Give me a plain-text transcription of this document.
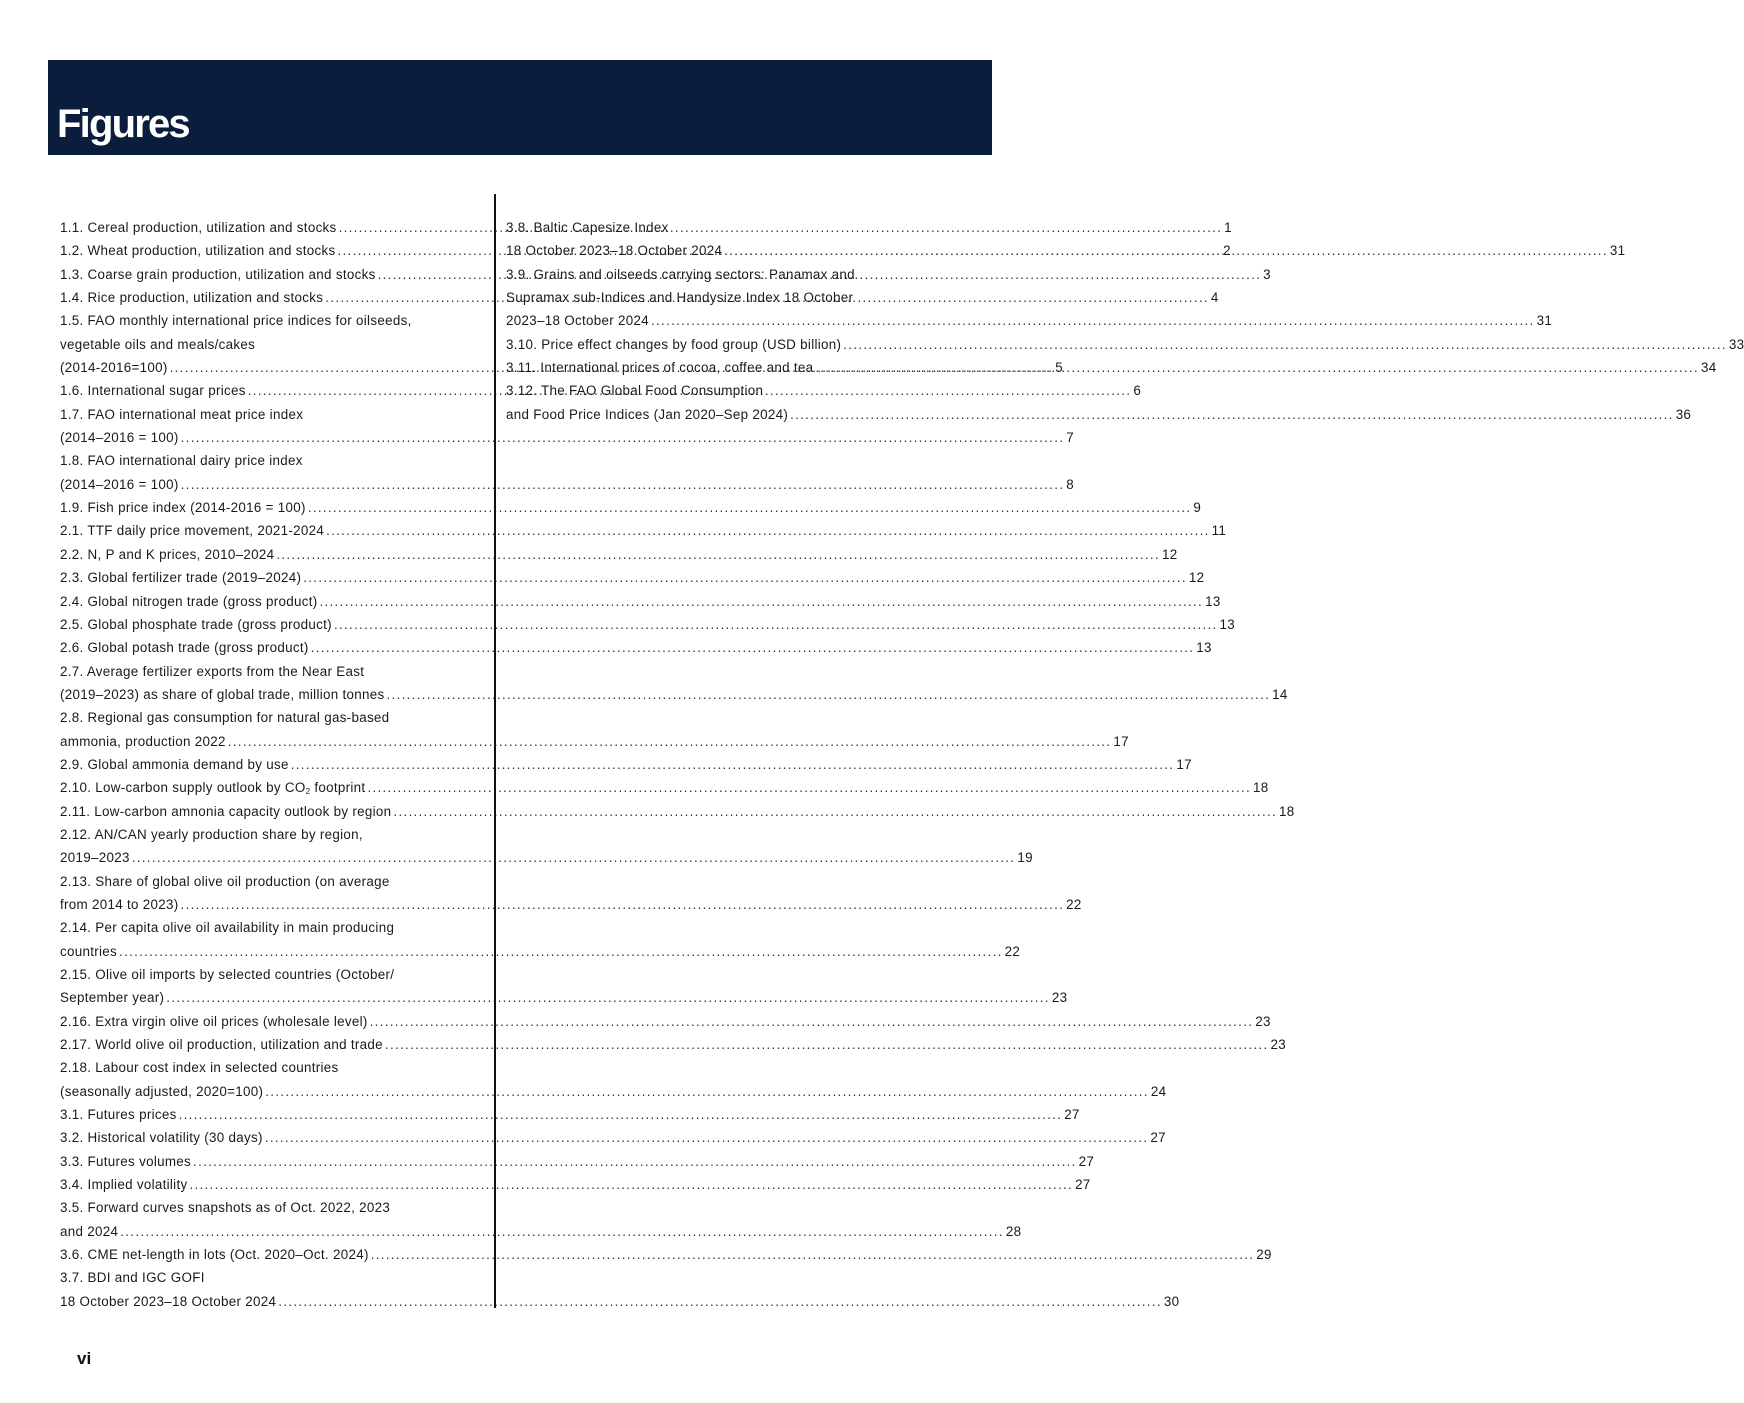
Figures
1.1. Cereal production, utilization and stocks .....	1
1.2. Wheat production, utilization and stocks .....	2
1.3. Coarse grain production, utilization and stocks .....	3
1.4. Rice production, utilization and stocks .....	4
1.5. FAO monthly international price indices for oilseeds,
vegetable oils and meals/cakes
(2014-2016=100) .....	5
1.6. International sugar prices .....	6
1.7. FAO international meat price index
(2014–2016 = 100) .....	7
1.8. FAO international dairy price index
(2014–2016 = 100) .....	8
1.9. Fish price index (2014-2016 = 100) .....	9
2.1. TTF daily price movement, 2021-2024 .....	11
2.2. N, P and K prices, 2010–2024 .....	12
2.3. Global fertilizer trade (2019–2024) .....	12
2.4. Global nitrogen trade (gross product) .....	13
2.5. Global phosphate trade (gross product) .....	13
2.6. Global potash trade (gross product) .....	13
2.7. Average fertilizer exports from the Near East
(2019–2023) as share of global trade, million tonnes .....	14
2.8. Regional gas consumption for natural gas-based
ammonia, production 2022 .....	17
2.9. Global ammonia demand by use .....	17
2.10. Low-carbon supply outlook by $CO_2$ footprint .....	18
2.11. Low-carbon amnonia capacity outlook by region .....	18
2.12. AN/CAN yearly production share by region,
2019–2023 .....	19
2.13. Share of global olive oil production (on average
from 2014 to 2023) .....	22
2.14. Per capita olive oil availability in main producing
countries .....	22
2.15. Olive oil imports by selected countries (October/
September year) .....	23
2.16. Extra virgin olive oil prices (wholesale level) .....	23
2.17. World olive oil production, utilization and trade .....	23
2.18. Labour cost index in selected countries
(seasonally adjusted, 2020=100) .....	24
3.1. Futures prices .....	27
3.2. Historical volatility (30 days) .....	27
3.3. Futures volumes .....	27
3.4. Implied volatility .....	27
3.5. Forward curves snapshots as of Oct. 2022, 2023
and 2024 .....	28
3.6. CME net-length in lots (Oct. 2020–Oct. 2024) .....	29
3.7. BDI and IGC GOFI
18 October 2023–18 October 2024 .....	30
3.8. Baltic Capesize Index
18 October 2023–18 October 2024 .....	31
3.9. Grains and oilseeds carrying sectors: Panamax and
Supramax sub-Indices and Handysize Index 18 October
2023–18 October 2024 .....	31
3.10. Price effect changes by food group (USD billion) .....	33
3.11. International prices of cocoa, coffee and tea .....	34
3.12. The FAO Global Food Consumption
and Food Price Indices (Jan 2020–Sep 2024) .....	36
vi
